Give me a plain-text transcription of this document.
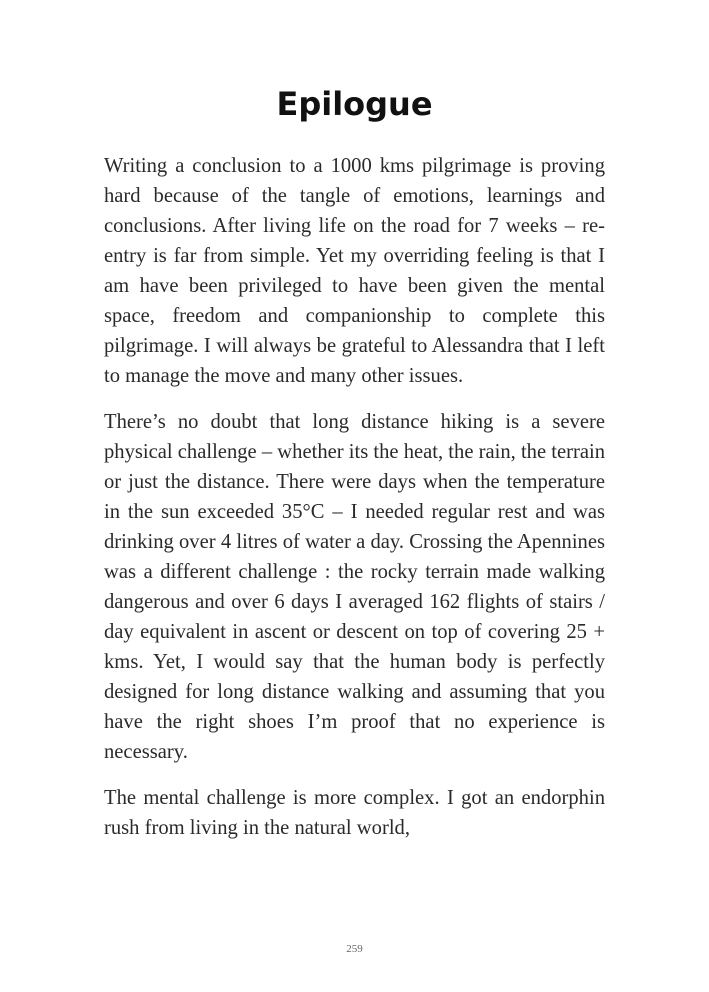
Epilogue

Writing a conclusion to a 1000 kms pilgrimage is proving hard because of the tangle of emotions, learnings and conclusions. After living life on the road for 7 weeks – re-entry is far from simple. Yet my overriding feeling is that I am have been privileged to have been given the mental space, freedom and companionship to complete this pilgrimage. I will always be grateful to Alessandra that I left to manage the move and many other issues.

There’s no doubt that long distance hiking is a severe physical challenge – whether its the heat, the rain, the terrain or just the distance. There were days when the temperature in the sun exceeded 35°C – I needed regular rest and was drinking over 4 litres of water a day. Crossing the Apennines was a different challenge : the rocky terrain made walking dangerous and over 6 days I averaged 162 flights of stairs / day equivalent in ascent or descent on top of covering 25 + kms. Yet, I would say that the human body is perfectly designed for long distance walking and assuming that you have the right shoes I’m proof that no experience is necessary.

The mental challenge is more complex. I got an endorphin rush from living in the natural world,

259
